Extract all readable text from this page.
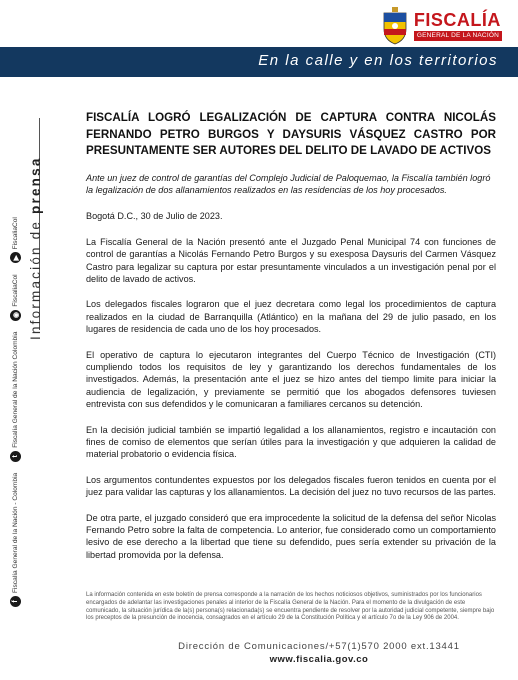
FISCALÍA
GENERAL DE LA NACIÓN
En la calle y en los territorios
Información de prensa
f
Fiscalía General de la Nación - Colombia
t
Fiscalía General de la Nación Colombia
◉
FiscaliaCol
▶
FiscaliaCol
FISCALÍA LOGRÓ LEGALIZACIÓN DE CAPTURA CONTRA NICOLÁS FERNANDO PETRO BURGOS Y DAYSURIS VÁSQUEZ CASTRO POR PRESUNTAMENTE SER AUTORES DEL DELITO DE LAVADO DE ACTIVOS

Ante un juez de control de garantías del Complejo Judicial de Paloquemao, la Fiscalía también logró la legalización de dos allanamientos realizados en las residencias de los hoy procesados.

Bogotá D.C., 30 de Julio de 2023.

La Fiscalía General de la Nación presentó ante el Juzgado Penal Municipal 74 con funciones de control de garantías a Nicolás Fernando Petro Burgos y su exesposa Daysuris del Carmen Vásquez Castro para legalizar su captura por estar presuntamente vinculados a un investigación penal por el delito de lavado de activos.

Los delegados fiscales lograron que el juez decretara como legal los procedimientos de captura realizados en la ciudad de Barranquilla (Atlántico) en la mañana del 29 de julio pasado, en los lugares de residencia de cada uno de los hoy procesados.

El operativo de captura lo ejecutaron integrantes del Cuerpo Técnico de Investigación (CTI) cumpliendo todos los requisitos de ley y garantizando los derechos fundamentales de los investigados. Además, la presentación ante el juez se hizo antes del tiempo limite para iniciar la audiencia de legalización, y previamente se permitió que los abogados defensores tuviesen entrevista con sus defendidos y le comunicaran a familiares cercanos su detención.

En la decisión judicial también se impartió legalidad a los allanamientos, registro e incautación con fines de comiso de elementos que serían útiles para la investigación y que adquieren la calidad de material probatorio o evidencia física.

Los argumentos contundentes expuestos por los delegados fiscales fueron tenidos en cuenta por el juez para validar las capturas y los allanamientos. La decisión del juez no tuvo recursos de las partes.

De otra parte, el juzgado consideró que era improcedente la solicitud de la defensa del señor Nicolas Fernando Petro sobre la falta de competencia. Lo anterior, fue considerado como un comportamiento lesivo de ese derecho a la libertad que tiene su defendido, pues sería extender su privación de la libertad promovida por la defensa.

La información contenida en este boletín de prensa corresponde a la narración de los hechos noticiosos objetivos, suministrados por los funcionarios encargados de adelantar las investigaciones penales al interior de la Fiscalía General de la Nación. Para el momento de la divulgación de este comunicado, la situación jurídica de la(s) persona(s) relacionada(s) se encuentra pendiente de resolver por la autoridad judicial competente, siempre bajo los preceptos de la presunción de inocencia, consagrados en el artículo 29 de la Constitución Política y el artículo 7o de la Ley 906 de 2004.
Dirección de Comunicaciones/+57(1)570 2000 ext.13441
www.fiscalia.gov.co
